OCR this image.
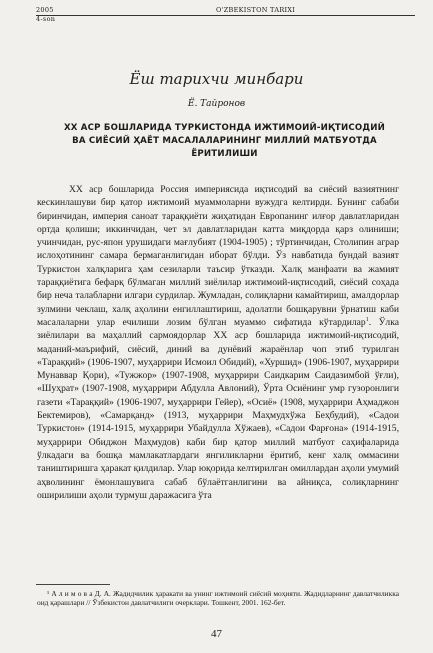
2005	O'ZBEKISTON TARIXI
4-son
Ёш тарихчи минбари
Ё. Тайронов
ХХ АСР БОШЛАРИДА ТУРКИСТОНДА ИЖТИМОИЙ-ИҚТИСОДИЙ ВА СИЁСИЙ ҲАЁТ МАСАЛАЛАРИНИНГ МИЛЛИЙ МАТБУОТДА ЁРИТИЛИШИ

ХХ аср бошларида Россия империясида иқтисодий ва сиёсий вазиятнинг кескинлашуви бир қатор ижтимоий муаммоларни вужудга келтирди. Бунинг сабаби биринчидан, империя саноат тараққиёти жиҳатидан Европанинг илғор давлатларидан ортда қолиши; иккинчидан, чет эл давлатларидан катта миқдорда қарз олиниши; учинчидан, рус-япон урушидаги мағлубият (1904-1905) ; тўртинчидан, Столипин аграр ислоҳотининг самара бермаганлигидан иборат бўлди. Ўз навбатида бундай вазият Туркистон халқларига ҳам сезиларли таъсир ўтказди. Халқ манфаати ва жамият тараққиётига бефарқ бўлмаган миллий зиёлилар ижтимоий-иқтисодий, сиёсий соҳада бир неча талабларни илгари сурдилар. Жумладан, солиқларни камайтириш, амалдорлар зулмини чеклаш, халқ аҳолини енгиллаштириш, адолатли бошқарувни ўрнатиш каби масалаларни улар ечилиши лозим бўлган муаммо сифатида кўтардилар$^1$. Ўлка зиёлилари ва маҳаллий сармоядорлар ХХ аср бошларида ижтимоий-иқтисодий, маданий-маърифий, сиёсий, диний ва дунёвий жараёнлар чоп этиб турилган «Тараққий» (1906-1907, муҳаррири Исмоил Обидий), «Хуршид» (1906-1907, муҳаррири Мунаввар Қори), «Тужжор» (1907-1908, муҳаррири Саидкарим Саидазимбой ўғли), «Шуҳрат» (1907-1908, муҳаррири Абдулла Авлоний), Ўрта Осиёнинг умр гузоронлиги газети «Тараққий» (1906-1907, муҳаррири Гейер), «Осиё» (1908, муҳаррири Аҳмаджон Бектемиров), «Самарқанд» (1913, муҳаррири Маҳмудхўжа Беҳбудий), «Садои Туркистон» (1914-1915, муҳаррири Убайдулла Хўжаев), «Садои Фарғона» (1914-1915, муҳаррири Обиджон Маҳмудов) каби бир қатор миллий матбуот саҳифаларида ўлкадаги ва бошқа мамлакатлардаги янгиликларни ёритиб, кенг халқ оммасини таништиришга ҳаракат қилдилар. Улар юқорида келтирилган омиллардан аҳоли умумий аҳволининг ёмонлашувига сабаб бўлаётганлигини ва айниқса, солиқларнинг оширилиши аҳоли турмуш даражасига ўта

¹ А л и м о в а Д. А. Жадидчилик ҳаракати ва унинг ижтимоий сиёсий моҳияти. Жадидларнинг давлатчиликка оид қарашлари // Ўзбекистон давлатчилиги очерклари. Тошкент, 2001. 162-бет.

47
